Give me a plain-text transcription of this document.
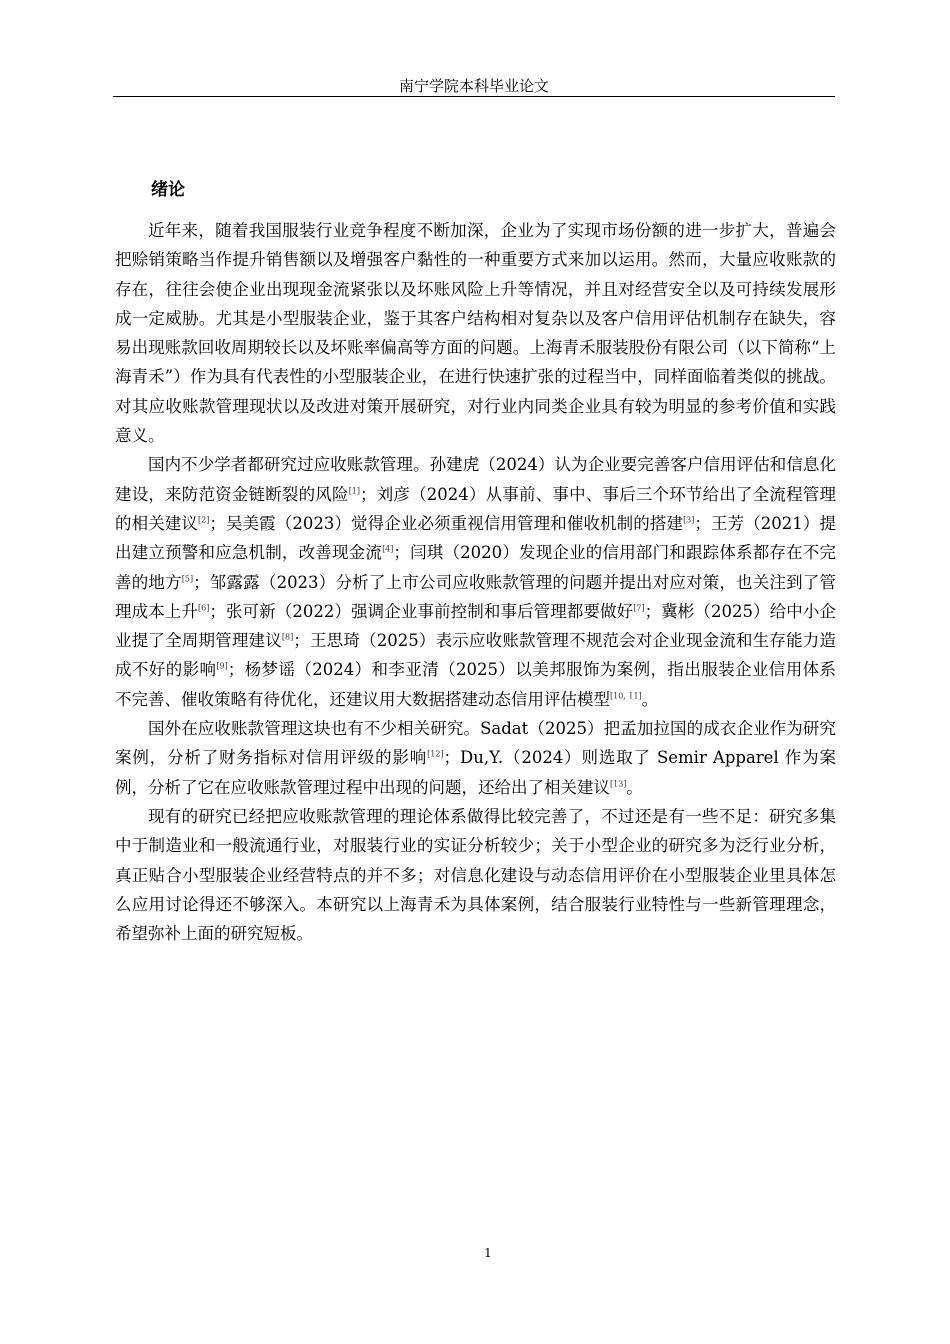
南宁学院本科毕业论文
绪论

近年来，随着我国服装行业竞争程度不断加深，企业为了实现市场份额的进一步扩大，普遍会把赊销策略当作提升销售额以及增强客户黏性的一种重要方式来加以运用。然而，大量应收账款的存在，往往会使企业出现现金流紧张以及坏账风险上升等情况，并且对经营安全以及可持续发展形成一定威胁。尤其是小型服装企业，鉴于其客户结构相对复杂以及客户信用评估机制存在缺失，容易出现账款回收周期较长以及坏账率偏高等方面的问题。上海青禾服装股份有限公司（以下简称“上海青禾”）作为具有代表性的小型服装企业，在进行快速扩张的过程当中，同样面临着类似的挑战。对其应收账款管理现状以及改进对策开展研究，对行业内同类企业具有较为明显的参考价值和实践意义。

国内不少学者都研究过应收账款管理。孙建虎（2024）认为企业要完善客户信用评估和信息化建设，来防范资金链断裂的风险[1]；刘彦（2024）从事前、事中、事后三个环节给出了全流程管理的相关建议[2]；吴美霞（2023）觉得企业必须重视信用管理和催收机制的搭建[3]；王芳（2021）提出建立预警和应急机制，改善现金流[4]；闫琪（2020）发现企业的信用部门和跟踪体系都存在不完善的地方[5]；邹露露（2023）分析了上市公司应收账款管理的问题并提出对应对策，也关注到了管理成本上升[6]；张可新（2022）强调企业事前控制和事后管理都要做好[7]；冀彬（2025）给中小企业提了全周期管理建议[8]；王思琦（2025）表示应收账款管理不规范会对企业现金流和生存能力造成不好的影响[9]；杨梦谣（2024）和李亚清（2025）以美邦服饰为案例，指出服装企业信用体系不完善、催收策略有待优化，还建议用大数据搭建动态信用评估模型[10, 11]。

国外在应收账款管理这块也有不少相关研究。Sadat（2025）把孟加拉国的成衣企业作为研究案例，分析了财务指标对信用评级的影响[12]；Du,Y.（2024）则选取了 Semir Apparel 作为案例，分析了它在应收账款管理过程中出现的问题，还给出了相关建议[13]。

现有的研究已经把应收账款管理的理论体系做得比较完善了，不过还是有一些不足：研究多集中于制造业和一般流通行业，对服装行业的实证分析较少；关于小型企业的研究多为泛行业分析，真正贴合小型服装企业经营特点的并不多；对信息化建设与动态信用评价在小型服装企业里具体怎么应用讨论得还不够深入。本研究以上海青禾为具体案例，结合服装行业特性与一些新管理理念，希望弥补上面的研究短板。

1
